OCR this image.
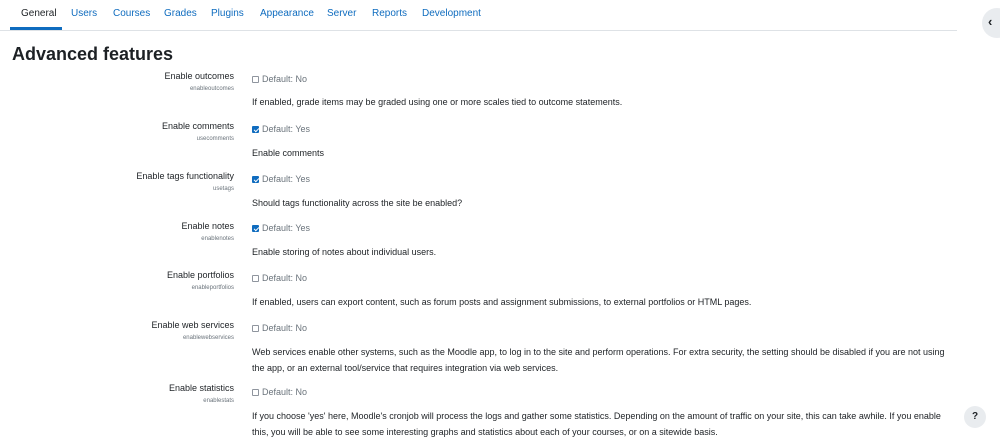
General Users Courses Grades Plugins Appearance Server Reports Development
‹
Advanced features
Enable outcomes
enableoutcomes
Default: No
If enabled, grade items may be graded using one or more scales tied to outcome statements.
Enable comments
usecomments
Default: Yes
Enable comments
Enable tags functionality
usetags
Default: Yes
Should tags functionality across the site be enabled?
Enable notes
enablenotes
Default: Yes
Enable storing of notes about individual users.
Enable portfolios
enableportfolios
Default: No
If enabled, users can export content, such as forum posts and assignment submissions, to external portfolios or HTML pages.
Enable web services
enablewebservices
Default: No
Web services enable other systems, such as the Moodle app, to log in to the site and perform operations. For extra security, the setting should be disabled if you are not using the app, or an external tool/service that requires integration via web services.
Enable statistics
enablestats
Default: No
If you choose 'yes' here, Moodle's cronjob will process the logs and gather some statistics. Depending on the amount of traffic on your site, this can take awhile. If you enable this, you will be able to see some interesting graphs and statistics about each of your courses, or on a sitewide basis.
?
